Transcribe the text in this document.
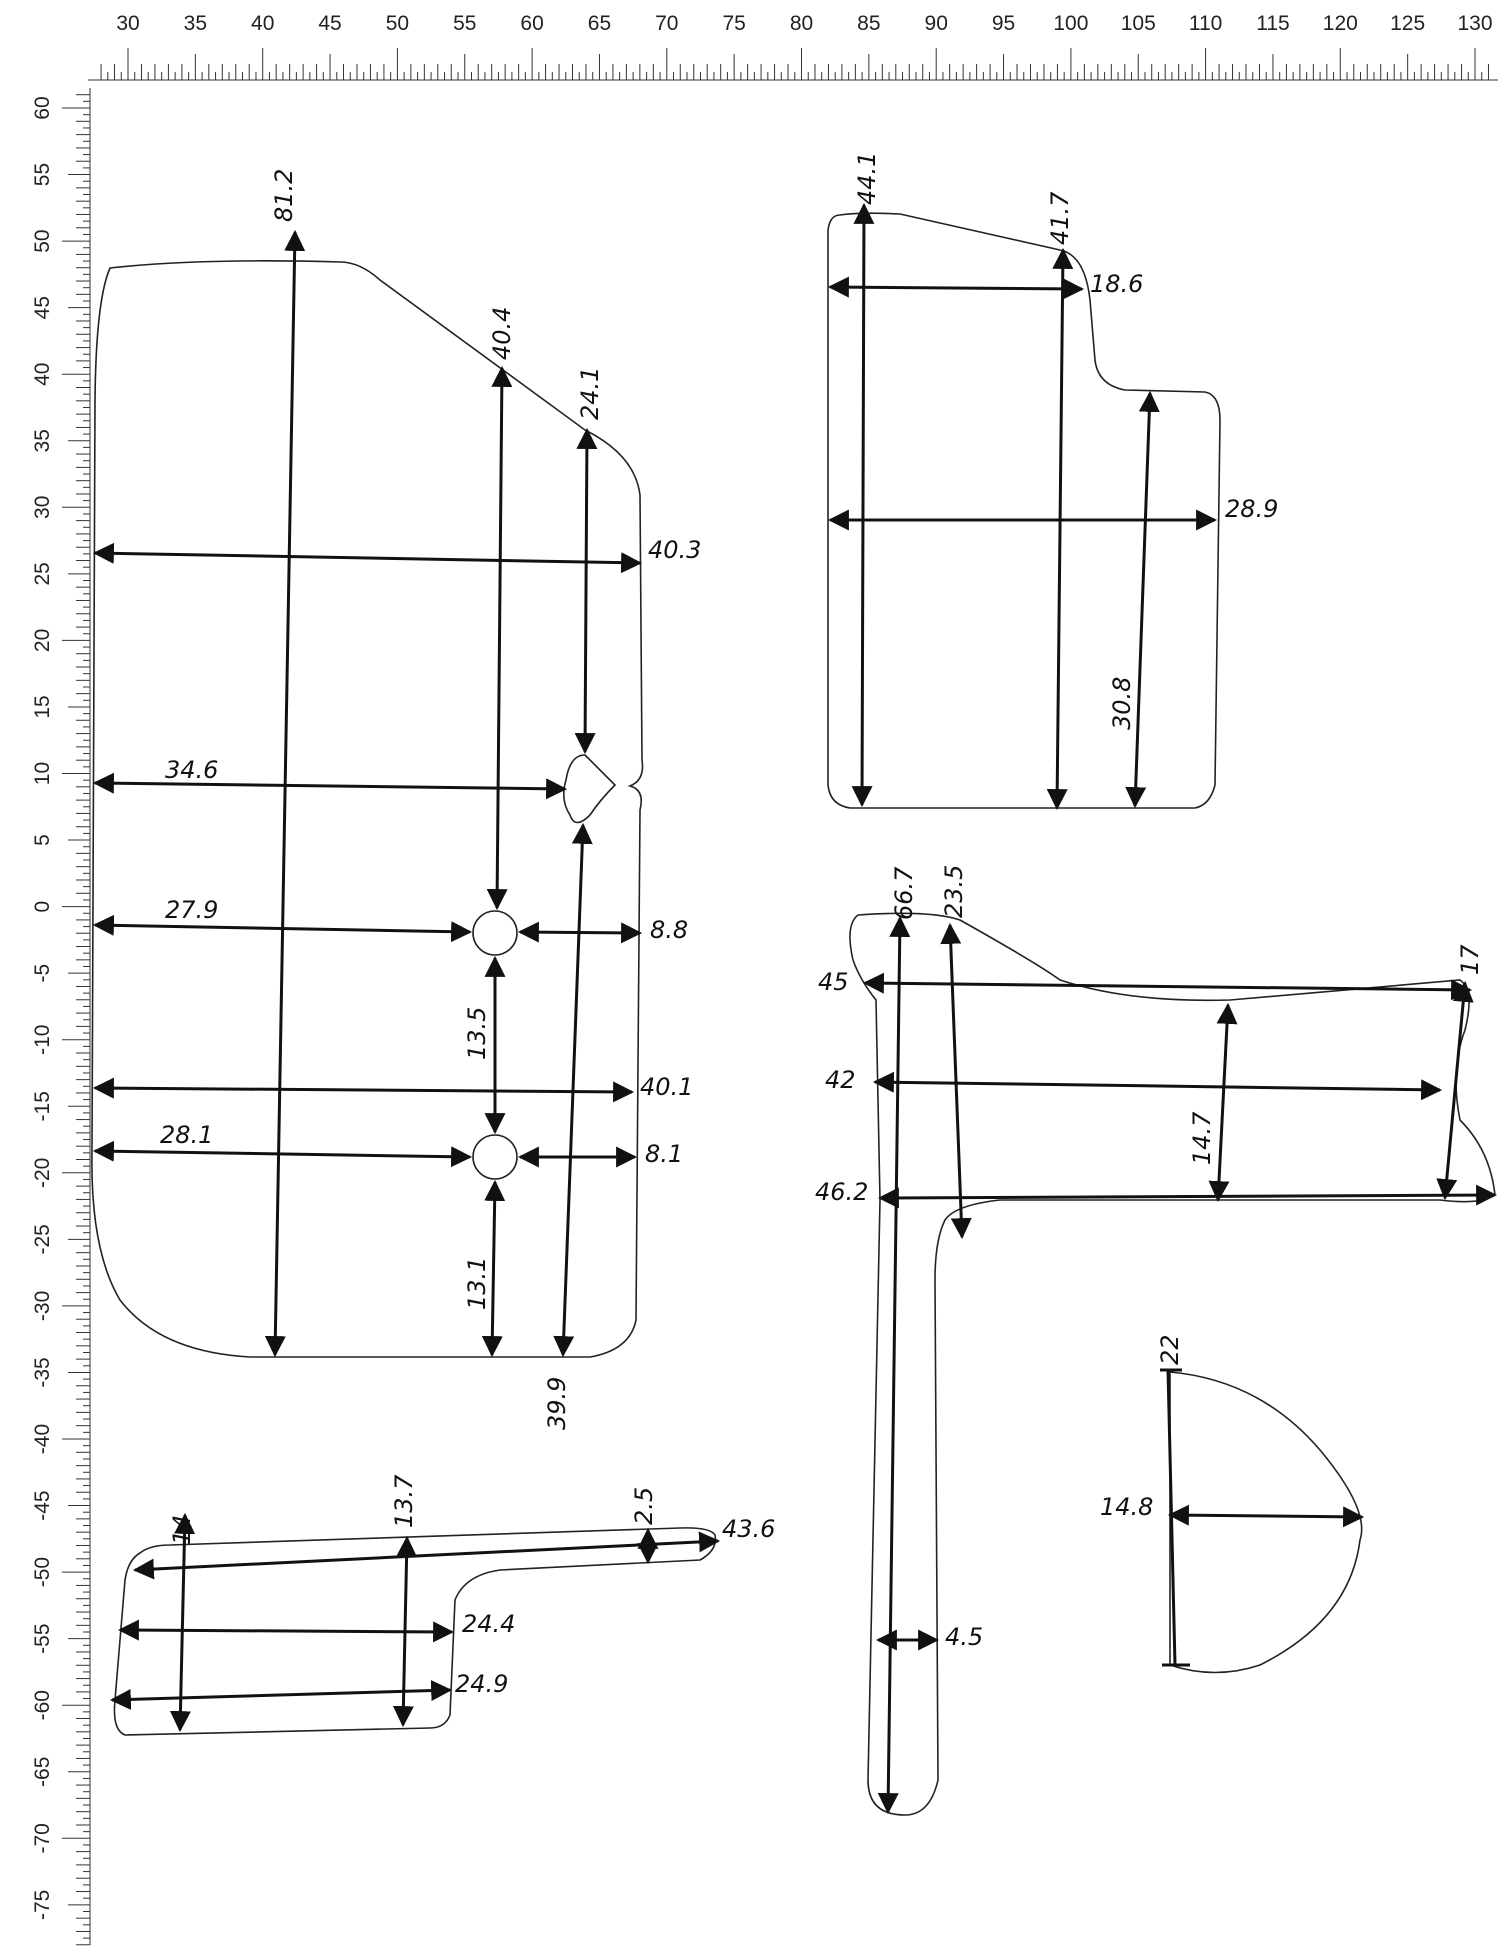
30 35 40 45 50 55 60 65 70 75 80 85 90 95 100 105 110 115 120 125 130
60
55
50
45
40
35
30
25
20
15
10
5
0
-5
-10
-15
-20
-25
-30
-35
-40
-45
-50
-55
-60
-65
-70
-75
81.2
40.4
24.1
40.3
34.6
27.9
8.8
13.5
40.1
28.1
8.1
13.1
39.9
44.1
41.7
18.6
28.9
30.8
66.7 23.5
45
42
46.2
17
14.7
4.5
14
13.7	2.5
43.6
24.4
24.9
22
14.8
